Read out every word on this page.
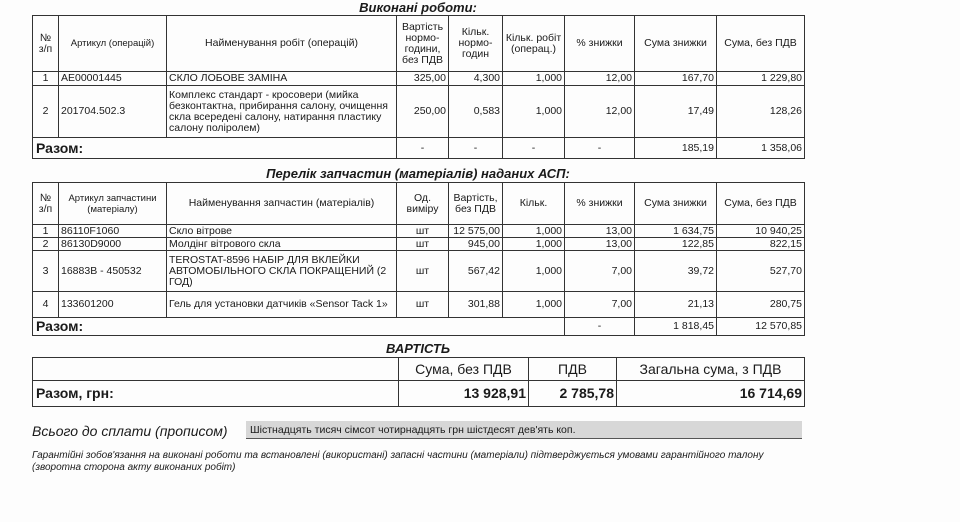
Виконані роботи:
№ з/п	Артикул (операцій)	Найменування робіт (операцій)	Вартість нормо-години, без ПДВ	Кільк. нормо-годин	Кільк. робіт (операц.)	% знижки	Сума знижки	Сума, без ПДВ
1	AE00001445	СКЛО ЛОБОВЕ ЗАМІНА	325,00	4,300	1,000	12,00	167,70	1 229,80
2	201704.502.3	Комплекс стандарт - кросовери (мийка безконтактна, прибирання салону, очищення скла всередені салону, натирання пластику салону поліролем)	250,00	0,583	1,000	12,00	17,49	128,26
Разом:			-	-	-	-	185,19	1 358,06
Перелік запчастин (матеріалів) наданих АСП:
№ з/п	Артикул запчастини (матеріалу)	Найменування запчастин (матеріалів)	Од. виміру	Вартість, без ПДВ	Кільк.	% знижки	Сума знижки	Сума, без ПДВ
1	86110F1060	Скло вітрове	шт	12 575,00	1,000	13,00	1 634,75	10 940,25
2	86130D9000	Молдінг вітрового скла	шт	945,00	1,000	13,00	122,85	822,15
3	16883B - 450532	TEROSTAT-8596 НАБІР ДЛЯ ВКЛЕЙКИ АВТОМОБІЛЬНОГО СКЛА ПОКРАЩЕНИЙ (2 ГОД)	шт	567,42	1,000	7,00	39,72	527,70
4	133601200	Гель для установки датчиків «Sensor Tack 1»	шт	301,88	1,000	7,00	21,13	280,75
Разом:						-	1 818,45	12 570,85
ВАРТІСТЬ
	Сума, без ПДВ	ПДВ	Загальна сума, з ПДВ
Разом, грн:	13 928,91	2 785,78	16 714,69
Всього до сплати (прописом)	Шістнадцять тисяч сімсот чотирнадцять грн шістдесят дев'ять коп.
Гарантійні зобов'язання на виконані роботи та встановлені (використані) запасні частини (матеріали) підтверджується умовами гарантійного талону (зворотна сторона акту виконаних робіт)
